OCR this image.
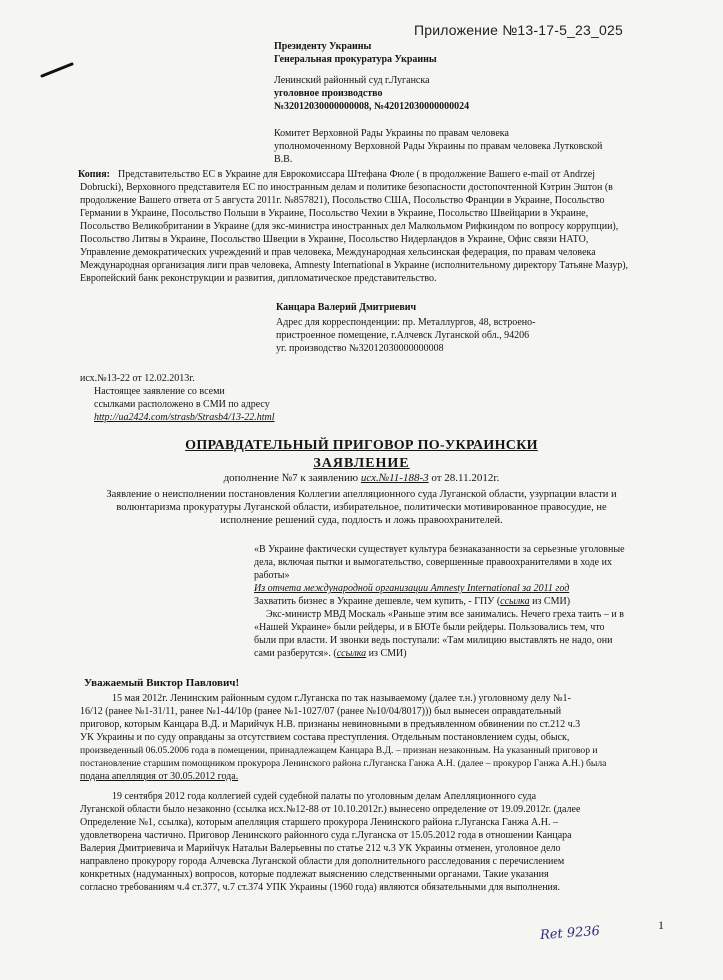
Приложение №13-17-5_23_025
Президенту Украины
Генеральная прокуратура Украины
Ленинский районный суд г.Луганска
уголовное производство
№32012030000000008, №42012030000000024
Комитет Верховной Рады Украины по правам человека
уполномоченному Верховной Рады Украины по правам человека Лутковской
В.В.
Копия: Представительство ЕС в Украине для Еврокомиссара Штефана Фюле ( в продолжение Вашего e-mail от Andrzej
Dobrucki), Верховного представителя ЕС по иностранным делам и политике безопасности достопочтенной Кэтрин Эштон (в
продолжение Вашего ответа от 5 августа 2011г. №857821), Посольство США, Посольство Франции в Украине, Посольство
Германии в Украине, Посольство Польши в Украине, Посольство Чехии в Украине, Посольство Швейцарии в Украине,
Посольство Великобритании в Украине (для экс-министра иностранных дел Малкольмом Рифкиндом по вопросу коррупции),
Посольство Литвы в Украине, Посольство Швеции в Украине, Посольство Нидерландов в Украине, Офис связи НАТО,
Управление демократических учреждений и прав человека, Международная хельсинская федерация, по правам человека
Международная организация лиги прав человека, Amnesty International в Украине (исполнительному директору Татьяне Мазур),
Европейский банк реконструкции и развития, дипломатическое представительство.
Канцара Валерий Дмитриевич
Адрес для корреспонденции: пр. Металлургов, 48, встроено-
пристроенное помещение, г.Алчевск Луганской обл., 94206
уг. производство №32012030000000008
исх.№13-22 от 12.02.2013г.
Настоящее заявление со всеми
ссылками расположено в СМИ по адресу
http://ua2424.com/strasb/Strasb4/13-22.html
ОПРАВДАТЕЛЬНЫЙ ПРИГОВОР ПО-УКРАИНСКИ
ЗАЯВЛЕНИЕ
дополнение №7 к заявлению исх.№11-188-3 от 28.11.2012г.
Заявление о неисполнении постановления Коллегии апелляционного суда Луганской области, узурпации власти и
волюнтаризма прокуратуры Луганской области, избирательное, политически мотивированное правосудие, не
исполнение решений суда, подлость и ложь правоохранителей.
«В Украине фактически существует культура безнаказанности за серьезные уголовные
дела, включая пытки и вымогательство, совершенные правоохранителями в ходе их
работы»
Из отчета международной организации Amnesty International за 2011 год
Захватить бизнес в Украине дешевле, чем купить, - ГПУ (ссылка из СМИ)
Экс-министр МВД Москаль «Раньше этим все занимались. Нечего греха таить – и в
«Нашей Украине» были рейдеры, и в БЮТе были рейдеры. Пользовались тем, что
были при власти. И звонки ведь поступали: «Там милицию выставлять не надо, они
сами разберутся». (ссылка из СМИ)
Уважаемый Виктор Павлович!
15 мая 2012г. Ленинским районным судом г.Луганска по так называемому (далее т.н.) уголовному делу №1-
16/12 (ранее №1-31/11, ранее №1-44/10р (ранее №1-1027/07 (ранее №10/04/8017))) был вынесен оправдательный
приговор, которым Канцара В.Д. и Марийчук Н.В. признаны невиновными в предъявленном обвинении по ст.212 ч.3
УК Украины и по суду оправданы за отсутствием состава преступления. Отдельным постановлением суды, обыск,
произведенный 06.05.2006 года в помещении, принадлежащем Канцара В.Д. – признан незаконным. На указанный приговор и
постановление старшим помощником прокурора Ленинского района г.Луганска Ганжа А.Н. (далее – прокурор Ганжа А.Н.) была
подана апелляция от 30.05.2012 года.
19 сентября 2012 года коллегией судей судебной палаты по уголовным делам Апелляционного суда
Луганской области было незаконно (ссылка исх.№12-88 от 10.10.2012г.) вынесено определение от 19.09.2012г. (далее
Определение №1, ссылка), которым апелляция старшего прокурора Ленинского района г.Луганска Ганжа А.Н. –
удовлетворена частично. Приговор Ленинского районного суда г.Луганска от 15.05.2012 года в отношении Канцара
Валерия Дмитриевича и Марийчук Натальи Валерьевны по статье 212 ч.3 УК Украины отменен, уголовное дело
направлено прокурору города Алчевска Луганской области для дополнительного расследования с перечислением
конкретных (надуманных) вопросов, которые подлежат выяснению следственными органами. Такие указания
согласно требованиям ч.4 ст.377, ч.7 ст.374 УПК Украины (1960 года) являются обязательными для выполнения.
Ret 9236	1
